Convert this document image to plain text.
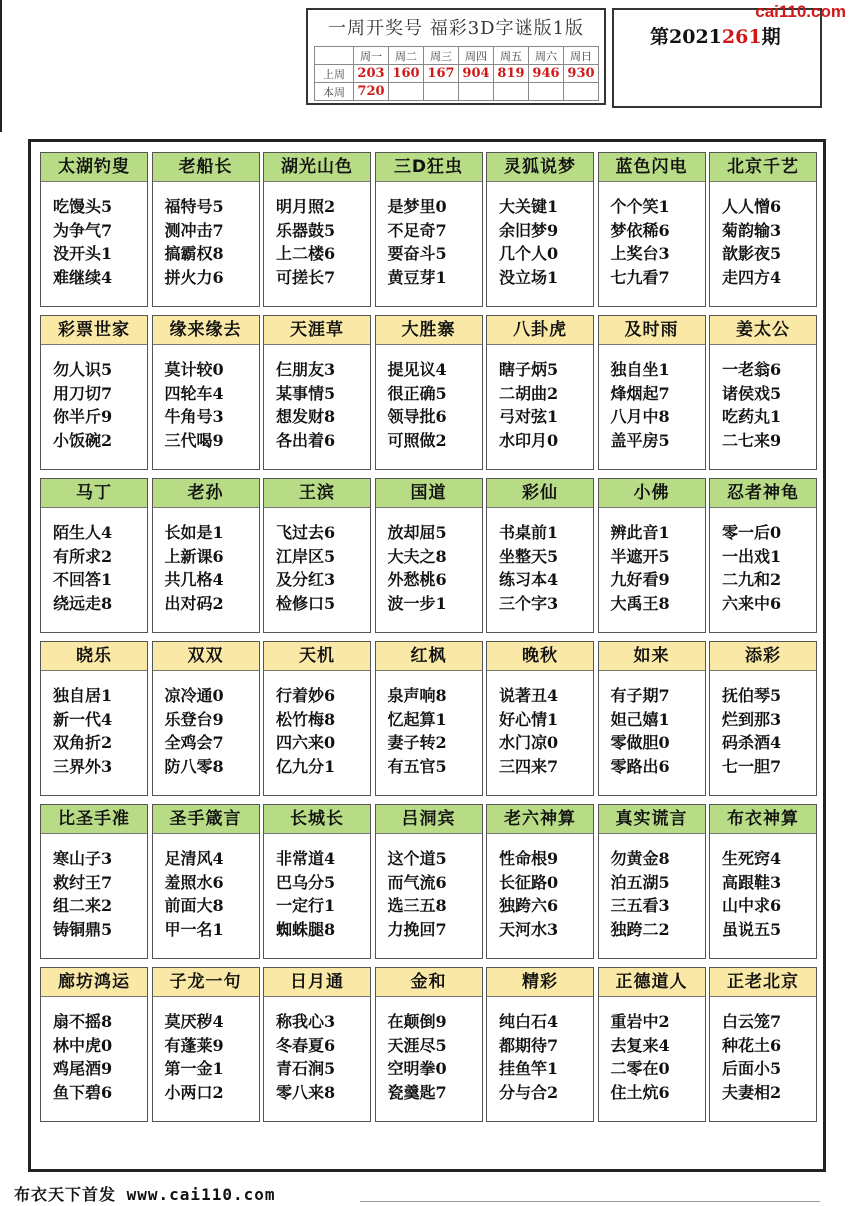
一周开奖号 福彩3D字谜版1版
	周一	周二	周三	周四	周五	周六	周日
上周	203	160	167	904	819	946	930
本周	720						
第2021261期
cai110.com
太湖钓叟
吃馒头5
为争气7
没开头1
难继续4
老船长
福特号5
测冲击7
搞霸权8
拼火力6
湖光山色
明月照2
乐器鼓5
上二楼6
可搓长7
三D狂虫
是梦里0
不足奇7
要奋斗5
黄豆芽1
灵狐说梦
大关键1
余旧梦9
几个人0
没立场1
蓝色闪电
个个笑1
梦依稀6
上奖台3
七九看7
北京千艺
人人憎6
菊韵输3
歆影夜5
走四方4
彩票世家
勿人识5
用刀切7
你半斤9
小饭碗2
缘来缘去
莫计较0
四轮车4
牛角号3
三代喝9
天涯草
仨朋友3
某事情5
想发财8
各出着6
大胜寨
提见议4
很正确5
领导批6
可照做2
八卦虎
瞎子炳5
二胡曲2
弓对弦1
水印月0
及时雨
独自坐1
烽烟起7
八月中8
盖平房5
姜太公
一老翁6
诸侯戏5
吃药丸1
二七来9
马丁
陌生人4
有所求2
不回答1
绕远走8
老孙
长如是1
上新课6
共几格4
出对码2
王滨
飞过去6
江岸区5
及分红3
检修口5
国道
放却屈5
大夫之8
外愁桃6
波一步1
彩仙
书桌前1
坐整天5
练习本4
三个字3
小佛
辨此音1
半遮开5
九好看9
大禹王8
忍者神龟
零一后0
一出戏1
二九和2
六来中6
晓乐
独自居1
新一代4
双角折2
三界外3
双双
凉冷通0
乐登台9
全鸡会7
防八零8
天机
行着妙6
松竹梅8
四六来0
亿九分1
红枫
泉声响8
忆起算1
妻子转2
有五官5
晚秋
说著丑4
好心情1
水门凉0
三四来7
如来
有子期7
妲己嬉1
零做胆0
零路出6
添彩
抚伯琴5
烂到那3
码杀酒4
七一胆7
比圣手准
寒山子3
救纣王7
组二来2
铸铜鼎5
圣手箴言
足清风4
羞照水6
前面大8
甲一名1
长城长
非常道4
巴乌分5
一定行1
蜘蛛腿8
吕洞宾
这个道5
而气流6
选三五8
力挽回7
老六神算
性命根9
长征路0
独跨六6
天河水3
真实谎言
勿黄金8
泊五湖5
三五看3
独跨二2
布衣神算
生死窍4
高跟鞋3
山中求6
虽说五5
廊坊鸿运
扇不摇8
林中虎0
鸡尾酒9
鱼下碧6
子龙一句
莫厌秽4
有蓬莱9
第一金1
小两口2
日月通
称我心3
冬春夏6
青石涧5
零八来8
金和
在颠倒9
天涯尽5
空明拳0
瓷羹匙7
精彩
纯白石4
都期待7
挂鱼竿1
分与合2
正德道人
重岩中2
去复来4
二零在0
住土炕6
正老北京
白云笼7
种花土6
后面小5
夫妻相2
布衣天下首发 www.cai110.com
